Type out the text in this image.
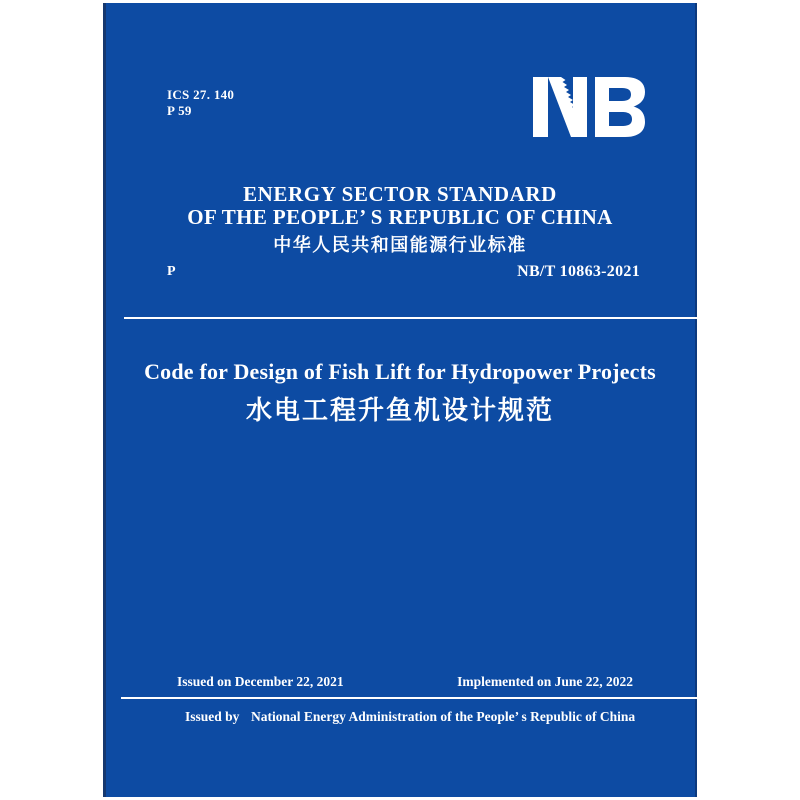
ICS 27. 140
P 59
ENERGY SECTOR STANDARD
OF THE PEOPLE’ S REPUBLIC OF CHINA
中华人民共和国能源行业标准
P	NB/T 10863-2021
Code for Design of Fish Lift for Hydropower Projects
水电工程升鱼机设计规范
Issued on December 22, 2021	Implemented on June 22, 2022
Issued by National Energy Administration of the People’ s Republic of China
